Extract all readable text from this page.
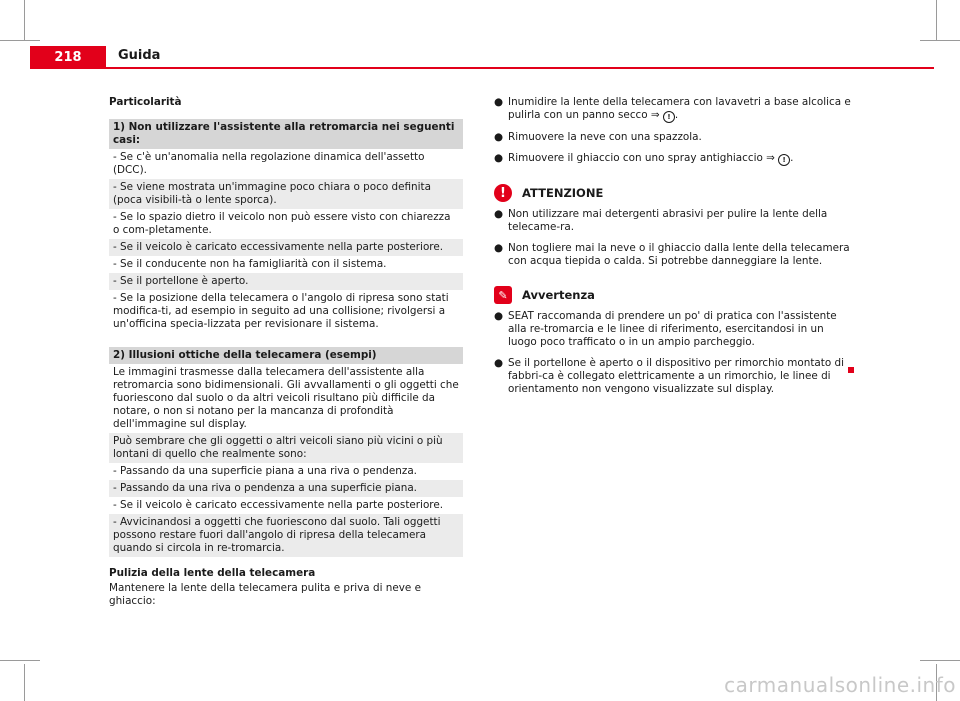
218	Guida
Particolarità
1) Non utilizzare l'assistente alla retromarcia nei seguenti casi:
- Se c'è un'anomalia nella regolazione dinamica dell'assetto (DCC).
- Se viene mostrata un'immagine poco chiara o poco definita (poca visibili-tà o lente sporca).
- Se lo spazio dietro il veicolo non può essere visto con chiarezza o com-pletamente.
- Se il veicolo è caricato eccessivamente nella parte posteriore.
- Se il conducente non ha famigliarità con il sistema.
- Se il portellone è aperto.
- Se la posizione della telecamera o l'angolo di ripresa sono stati modifica-ti, ad esempio in seguito ad una collisione; rivolgersi a un'officina specia-lizzata per revisionare il sistema.
2) Illusioni ottiche della telecamera (esempi)
Le immagini trasmesse dalla telecamera dell'assistente alla retromarcia sono bidimensionali. Gli avvallamenti o gli oggetti che fuoriescono dal suolo o da altri veicoli risultano più difficile da notare, o non si notano per la mancanza di profondità dell'immagine sul display.
Può sembrare che gli oggetti o altri veicoli siano più vicini o più lontani di quello che realmente sono:
- Passando da una superficie piana a una riva o pendenza.
- Passando da una riva o pendenza a una superficie piana.
- Se il veicolo è caricato eccessivamente nella parte posteriore.
- Avvicinandosi a oggetti che fuoriescono dal suolo. Tali oggetti possono restare fuori dall'angolo di ripresa della telecamera quando si circola in re-tromarcia.
Pulizia della lente della telecamera
Mantenere la lente della telecamera pulita e priva di neve e ghiaccio:
● Inumidire la lente della telecamera con lavavetri a base alcolica e pulirla con un panno secco ⇒ ! .
● Rimuovere la neve con una spazzola.
● Rimuovere il ghiaccio con uno spray antighiaccio ⇒ ! .
!	ATTENZIONE
● Non utilizzare mai detergenti abrasivi per pulire la lente della telecame-ra.
● Non togliere mai la neve o il ghiaccio dalla lente della telecamera con acqua tiepida o calda. Si potrebbe danneggiare la lente.
✎	Avvertenza
● SEAT raccomanda di prendere un po' di pratica con l'assistente alla re-tromarcia e le linee di riferimento, esercitandosi in un luogo poco trafficato o in un ampio parcheggio.
● Se il portellone è aperto o il dispositivo per rimorchio montato di fabbri-ca è collegato elettricamente a un rimorchio, le linee di orientamento non vengono visualizzate sul display.
carmanualsonline.info
